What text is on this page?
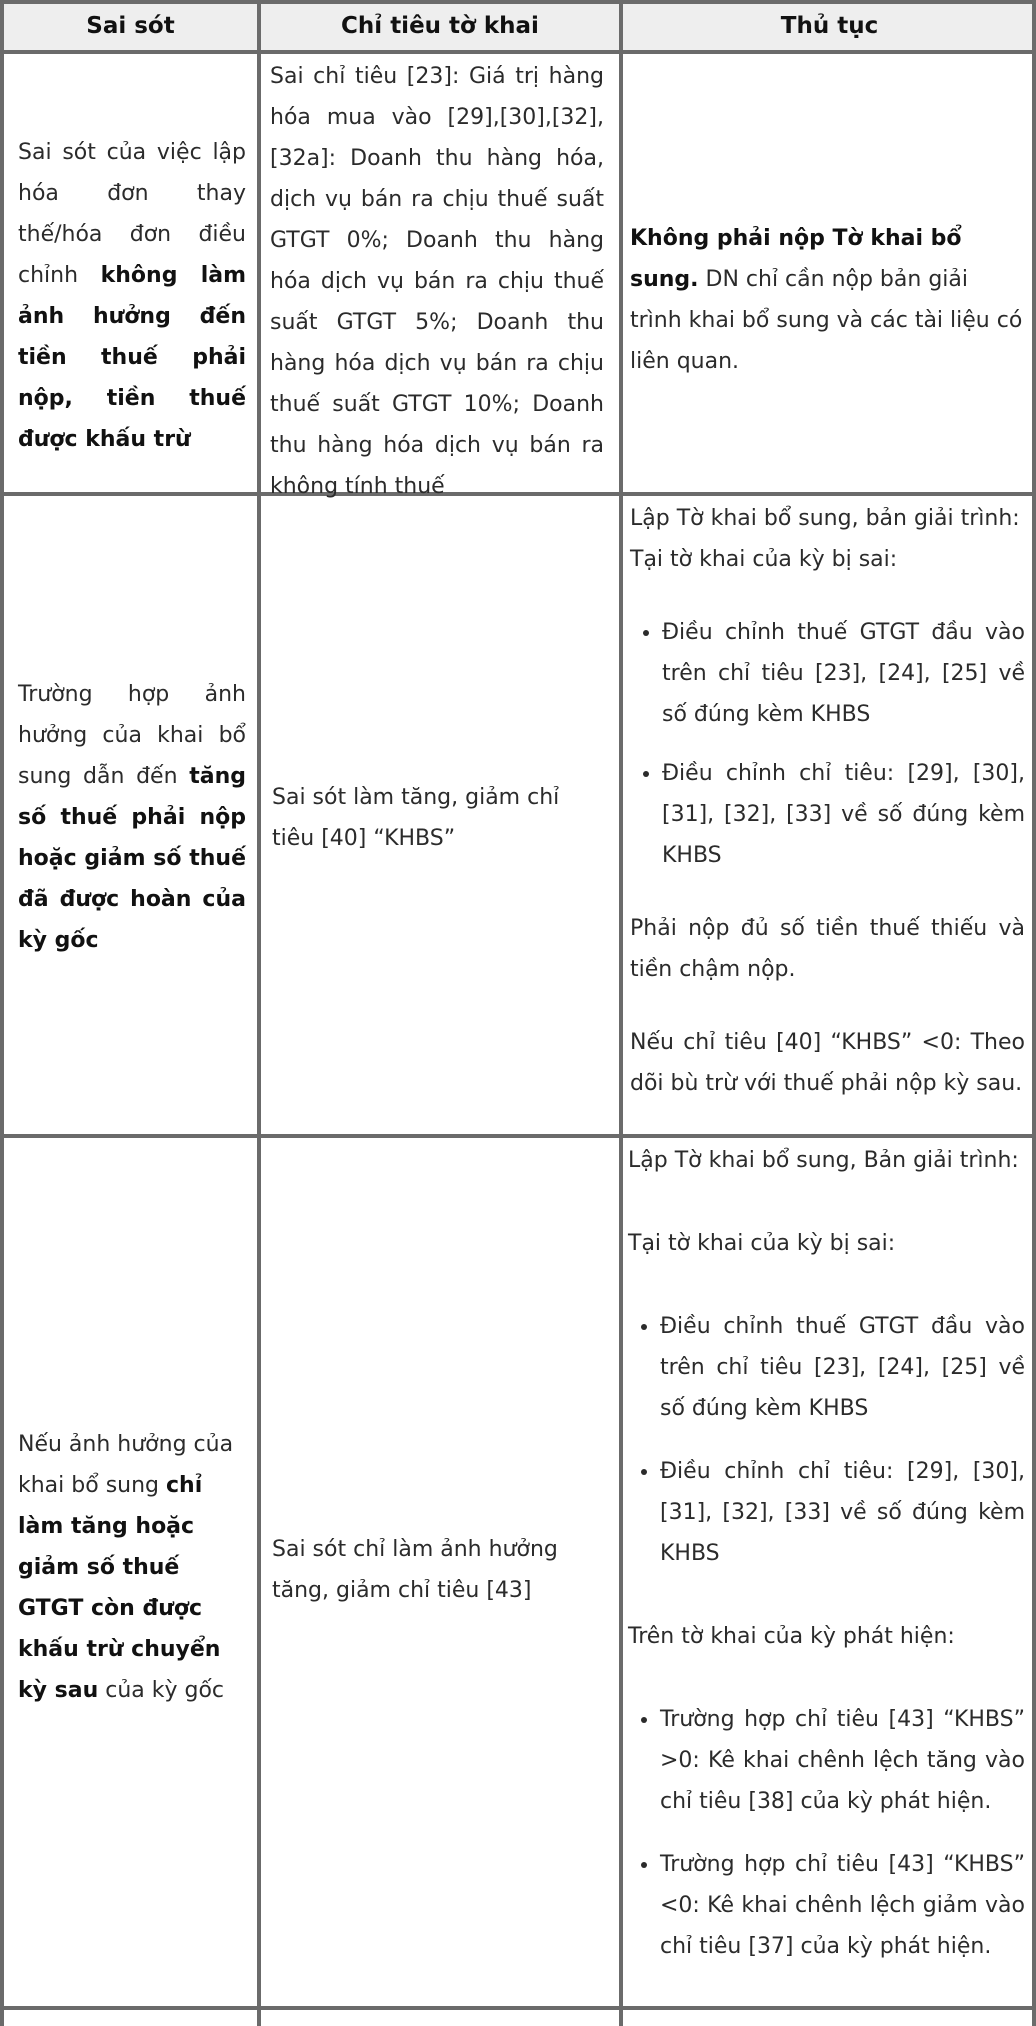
Sai sót	Chỉ tiêu tờ khai	Thủ tục
Sai sót của việc lập hóa đơn thay thế/hóa đơn điều chỉnh không làm ảnh hưởng đến tiền thuế phải nộp, tiền thuế được khấu trừ
Sai chỉ tiêu [23]: Giá trị hàng hóa mua vào [29],[30],[32],[32a]: Doanh thu hàng hóa, dịch vụ bán ra chịu thuế suất GTGT 0%; Doanh thu hàng hóa dịch vụ bán ra chịu thuế suất GTGT 5%; Doanh thu hàng hóa dịch vụ bán ra chịu thuế suất GTGT 10%; Doanh thu hàng hóa dịch vụ bán ra không tính thuế
Không phải nộp Tờ khai bổ sung. DN chỉ cần nộp bản giải trình khai bổ sung và các tài liệu có liên quan.
Trường hợp ảnh hưởng của khai bổ sung dẫn đến tăng số thuế phải nộp hoặc giảm số thuế đã được hoàn của kỳ gốc
Sai sót làm tăng, giảm chỉ tiêu [40] “KHBS”

Lập Tờ khai bổ sung, bản giải trình:

Tại tờ khai của kỳ bị sai:

• Điều chỉnh thuế GTGT đầu vào trên chỉ tiêu [23], [24], [25] về số đúng kèm KHBS
• Điều chỉnh chỉ tiêu: [29], [30], [31], [32], [33] về số đúng kèm KHBS

Phải nộp đủ số tiền thuế thiếu và tiền chậm nộp.

Nếu chỉ tiêu [40] “KHBS” <0: Theo dõi bù trừ với thuế phải nộp kỳ sau.

Nếu ảnh hưởng của khai bổ sung chỉ làm tăng hoặc giảm số thuế GTGT còn được khấu trừ chuyển kỳ sau của kỳ gốc
Sai sót chỉ làm ảnh hưởng tăng, giảm chỉ tiêu [43]

Lập Tờ khai bổ sung, Bản giải trình:

Tại tờ khai của kỳ bị sai:

• Điều chỉnh thuế GTGT đầu vào trên chỉ tiêu [23], [24], [25] về số đúng kèm KHBS
• Điều chỉnh chỉ tiêu: [29], [30], [31], [32], [33] về số đúng kèm KHBS

Trên tờ khai của kỳ phát hiện:

• Trường hợp chỉ tiêu [43] “KHBS” >0: Kê khai chênh lệch tăng vào chỉ tiêu [38] của kỳ phát hiện.
• Trường hợp chỉ tiêu [43] “KHBS” <0: Kê khai chênh lệch giảm vào chỉ tiêu [37] của kỳ phát hiện.
